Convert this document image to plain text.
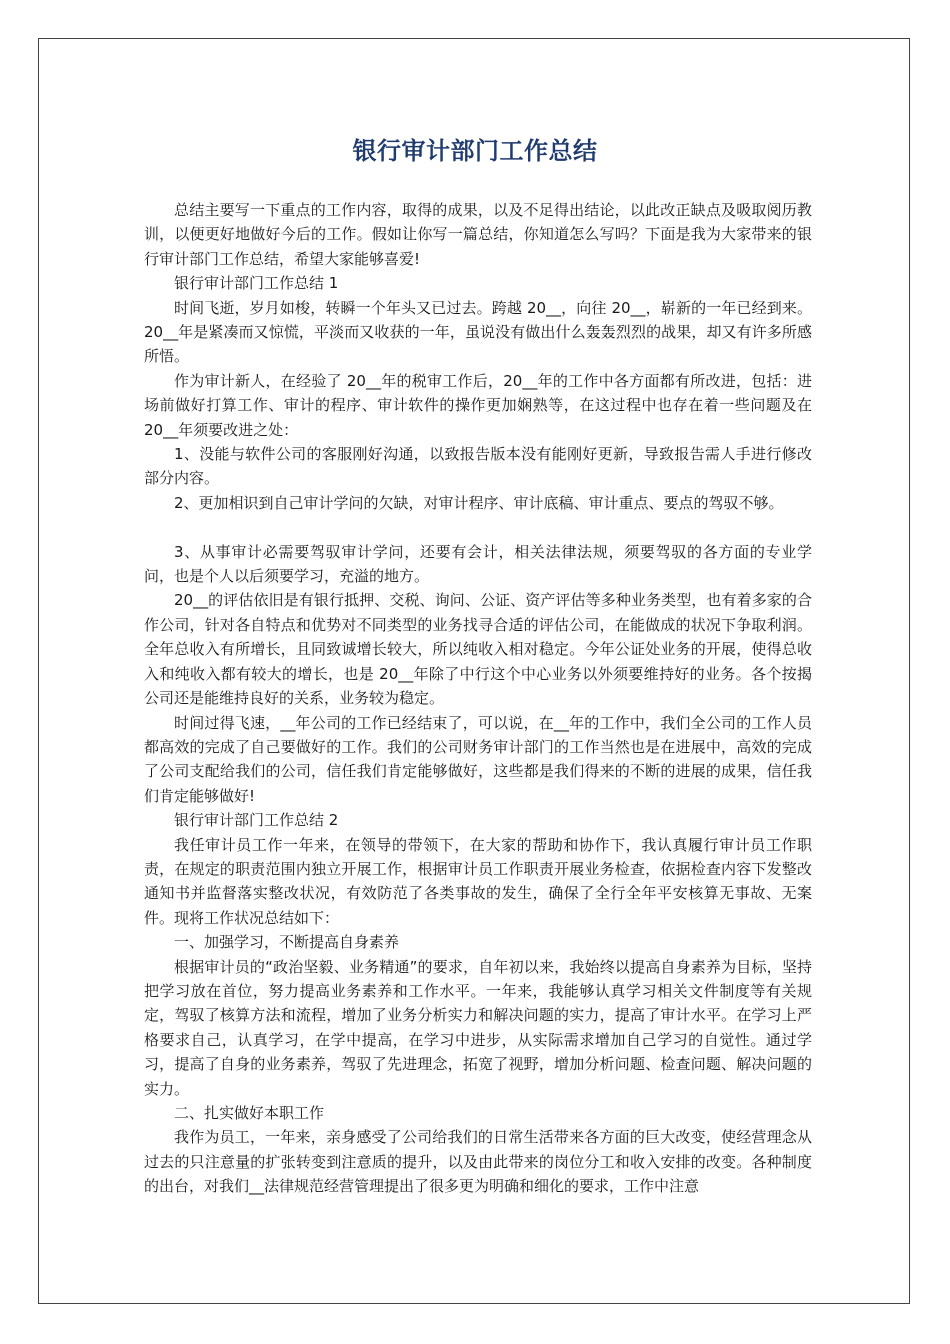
银行审计部门工作总结

总结主要写一下重点的工作内容，取得的成果，以及不足得出结论，以此改正缺点及吸取阅历教训，以便更好地做好今后的工作。假如让你写一篇总结，你知道怎么写吗？下面是我为大家带来的银行审计部门工作总结，希望大家能够喜爱!

银行审计部门工作总结 1

时间飞逝，岁月如梭，转瞬一个年头又已过去。跨越 20__，向往 20__，崭新的一年已经到来。20__年是紧凑而又惊慌，平淡而又收获的一年，虽说没有做出什么轰轰烈烈的战果，却又有许多所感所悟。

作为审计新人，在经验了 20__年的税审工作后，20__年的工作中各方面都有所改进，包括：进场前做好打算工作、审计的程序、审计软件的操作更加娴熟等，在这过程中也存在着一些问题及在 20__年须要改进之处：

1、没能与软件公司的客服刚好沟通，以致报告版本没有能刚好更新，导致报告需人手进行修改部分内容。

2、更加相识到自己审计学问的欠缺，对审计程序、审计底稿、审计重点、要点的驾驭不够。

3、从事审计必需要驾驭审计学问，还要有会计，相关法律法规，须要驾驭的各方面的专业学问，也是个人以后须要学习，充溢的地方。

20__的评估依旧是有银行抵押、交税、询问、公证、资产评估等多种业务类型，也有着多家的合作公司，针对各自特点和优势对不同类型的业务找寻合适的评估公司，在能做成的状况下争取利润。全年总收入有所增长，且同致诚增长较大，所以纯收入相对稳定。今年公证处业务的开展，使得总收入和纯收入都有较大的增长，也是 20__年除了中行这个中心业务以外须要维持好的业务。各个按揭公司还是能维持良好的关系，业务较为稳定。

时间过得飞速，__年公司的工作已经结束了，可以说，在__年的工作中，我们全公司的工作人员都高效的完成了自己要做好的工作。我们的公司财务审计部门的工作当然也是在进展中，高效的完成了公司支配给我们的公司，信任我们肯定能够做好，这些都是我们得来的不断的进展的成果，信任我们肯定能够做好!

银行审计部门工作总结 2

我任审计员工作一年来，在领导的带领下，在大家的帮助和协作下，我认真履行审计员工作职责，在规定的职责范围内独立开展工作，根据审计员工作职责开展业务检查，依据检查内容下发整改通知书并监督落实整改状况，有效防范了各类事故的发生，确保了全行全年平安核算无事故、无案件。现将工作状况总结如下：

一、加强学习，不断提高自身素养

根据审计员的“政治坚毅、业务精通”的要求，自年初以来，我始终以提高自身素养为目标，坚持把学习放在首位，努力提高业务素养和工作水平。一年来，我能够认真学习相关文件制度等有关规定，驾驭了核算方法和流程，增加了业务分析实力和解决问题的实力，提高了审计水平。在学习上严格要求自己，认真学习，在学中提高，在学习中进步，从实际需求增加自己学习的自觉性。通过学习，提高了自身的业务素养，驾驭了先进理念，拓宽了视野，增加分析问题、检查问题、解决问题的实力。

二、扎实做好本职工作

我作为员工，一年来，亲身感受了公司给我们的日常生活带来各方面的巨大改变，使经营理念从过去的只注意量的扩张转变到注意质的提升，以及由此带来的岗位分工和收入安排的改变。各种制度的出台，对我们__法律规范经营管理提出了很多更为明确和细化的要求，工作中注意
